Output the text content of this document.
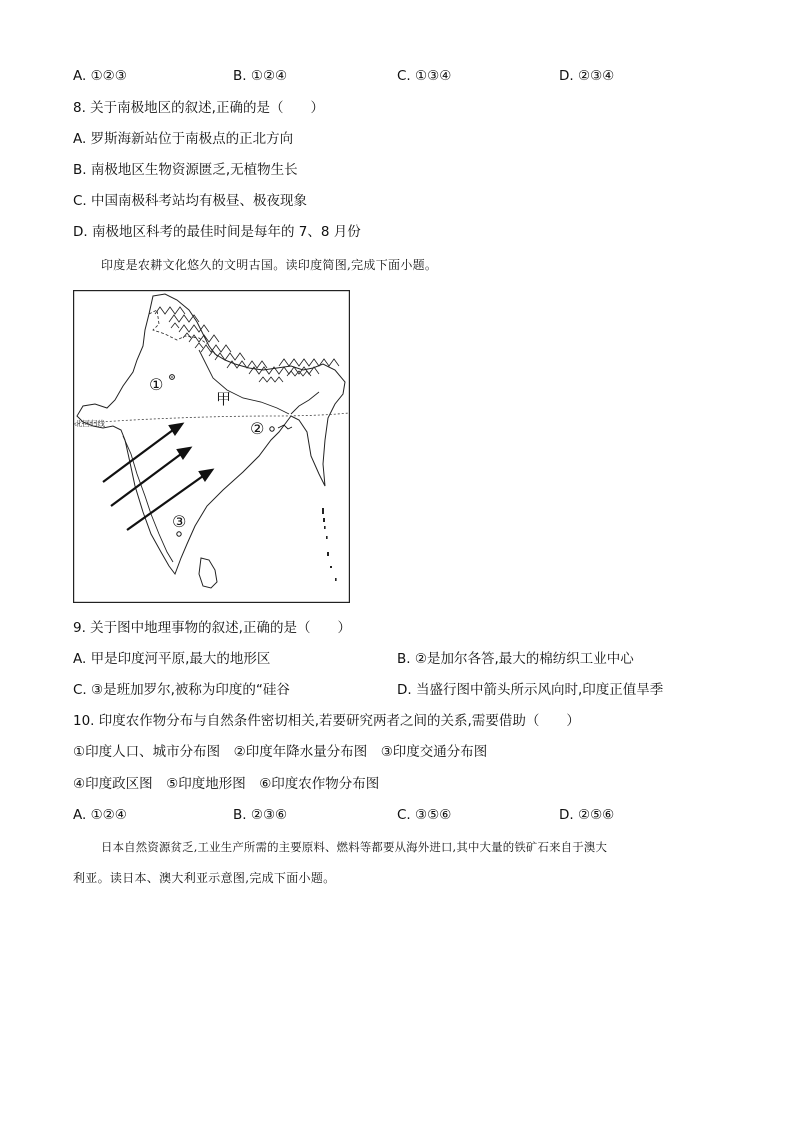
A. ①②③	B. ①②④	C. ①③④	D. ②③④
8. 关于南极地区的叙述,正确的是（　　）
A. 罗斯海新站位于南极点的正北方向
B. 南极地区生物资源匮乏,无植物生长
C. 中国南极科考站均有极昼、极夜现象
D. 南极地区科考的最佳时间是每年的 7、8 月份
印度是农耕文化悠久的文明古国。读印度简图,完成下面小题。
北回归线
①
甲
②
③
9. 关于图中地理事物的叙述,正确的是（　　）
A. 甲是印度河平原,最大的地形区	B. ②是加尔各答,最大的棉纺织工业中心
C. ③是班加罗尔,被称为印度的“硅谷	D. 当盛行图中箭头所示风向时,印度正值旱季
10. 印度农作物分布与自然条件密切相关,若要研究两者之间的关系,需要借助（　　）
①印度人口、城市分布图　②印度年降水量分布图　③印度交通分布图
④印度政区图　⑤印度地形图　⑥印度农作物分布图
A. ①②④	B. ②③⑥	C. ③⑤⑥	D. ②⑤⑥
日本自然资源贫乏,工业生产所需的主要原料、燃料等都要从海外进口,其中大量的铁矿石来自于澳大
利亚。读日本、澳大利亚示意图,完成下面小题。
